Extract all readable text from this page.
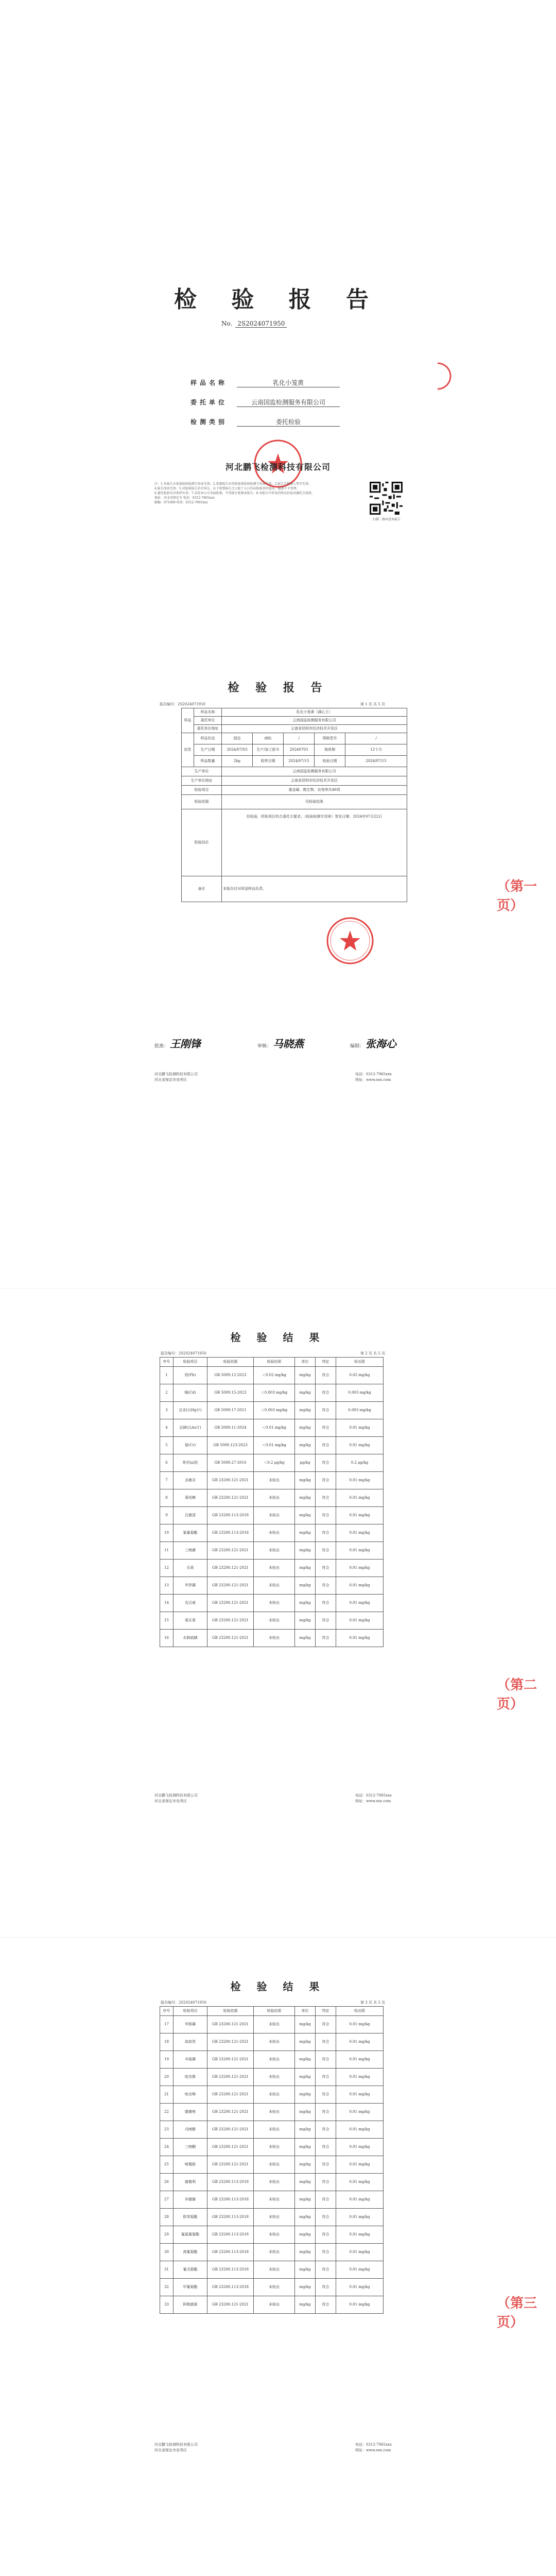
检 验 报 告
No. 2S2024071950
样品名称	乳化小笼黄
委托单位	云南国监检测服务有限公司
检测类别	委托检验
河北鹏飞检测科技有限公司
注：1.本报告未加盖检验检测专用章无效；2.复制报告未重新加盖检验检测专用章无效；3.报告无批准人签字无效；
4.报告涂改无效；5.对检验报告若有异议，应于收到报告之日起十五日内向检验单位提出，逾期不予受理；
6.委托检验仅对来样负责；7.未经本公司书面批准，不得部分复制本报告；8.本报告中涉及的样品信息由委托方提供。
地址：河北省保定市 电话：0312-7965xxx
邮编：071000 传真：0312-7965xxx
扫描二维码查询报告
检 验 报 告
报告编号：2S2024071950	第 1 页 共 5 页
样品	样品名称	乳化小笼黄（湖心王）				
	委托单位	云南国监检测服务有限公司				
	委托单位地址	云南省昆明市经济技术开发区				
信息	样品状态	固态	商标	/	规格型号	/
	生产日期	2024/07/03	生产/加工批号	20240703	保质期	12个月
	样品数量	2kg	收样日期	2024/07/15	检验日期	2024/07/15
生产单位		云南国监检测服务有限公司				
生产单位地址		云南省昆明市经济技术开发区				
检验项目		重金属、微生物、农残等共48项				
检验依据		见检验结果				
检验结论		经检验，所检项目符合委托方要求。（检验检测专用章）签发日期：2024年07月22日				
备注		本报告仅对所送样品负责。					（第一页）
批准： 王刚锋	审核： 马晓燕	编制： 张海心
河北鹏飞检测科技有限公司
河北省保定市竞秀区
电话：0312-7965xxx
网址：www.xxx.com
检 验 结 果
报告编号：2S2024071950	第 2 页 共 5 页
序号	检验项目	检验依据	检验结果	单位	判定	检出限
1	铅(Pb)	GB 5009.12-2023	＜0.02 mg/kg	mg/kg	符合	0.02 mg/kg
2	镉(Cd)	GB 5009.15-2023	＜0.003 mg/kg	mg/kg	符合	0.003 mg/kg
3	总汞(以Hg计)	GB 5009.17-2021	＜0.003 mg/kg	mg/kg	符合	0.003 mg/kg
4	总砷(以As计)	GB 5009.11-2024	＜0.01 mg/kg	mg/kg	符合	0.01 mg/kg
5	铬(Cr)	GB 5009.123-2023	＜0.01 mg/kg	mg/kg	符合	0.01 mg/kg
6	苯并[a]芘	GB 5009.27-2016	＜0.2 μg/kg	μg/kg	符合	0.2 μg/kg
7	多菌灵	GB 23200.121-2021	未检出	mg/kg	符合	0.01 mg/kg
8	毒死蜱	GB 23200.121-2021	未检出	mg/kg	符合	0.01 mg/kg
9	百菌清	GB 23200.113-2018	未检出	mg/kg	符合	0.01 mg/kg
10	氯氰菊酯	GB 23200.113-2018	未检出	mg/kg	符合	0.01 mg/kg
11	三唑磷	GB 23200.121-2021	未检出	mg/kg	符合	0.01 mg/kg
12	乐果	GB 23200.121-2021	未检出	mg/kg	符合	0.01 mg/kg
13	甲拌磷	GB 23200.121-2021	未检出	mg/kg	符合	0.01 mg/kg
14	克百威	GB 23200.121-2021	未检出	mg/kg	符合	0.01 mg/kg
15	氧乐果	GB 23200.121-2021	未检出	mg/kg	符合	0.01 mg/kg
16	水胺硫磷	GB 23200.121-2021	未检出	mg/kg	符合	0.01 mg/kg
（第二页）
河北鹏飞检测科技有限公司
河北省保定市竞秀区
电话：0312-7965xxx
网址：www.xxx.com
检 验 结 果
报告编号：2S2024071950	第 3 页 共 5 页
序号	检验项目	检验依据	检验结果	单位	判定	检出限
17	甲胺磷	GB 23200.121-2021	未检出	mg/kg	符合	0.01 mg/kg
18	敌敌畏	GB 23200.121-2021	未检出	mg/kg	符合	0.01 mg/kg
19	辛硫磷	GB 23200.121-2021	未检出	mg/kg	符合	0.01 mg/kg
20	啶虫脒	GB 23200.121-2021	未检出	mg/kg	符合	0.01 mg/kg
21	吡虫啉	GB 23200.121-2021	未检出	mg/kg	符合	0.01 mg/kg
22	腈菌唑	GB 23200.121-2021	未检出	mg/kg	符合	0.01 mg/kg
23	戊唑醇	GB 23200.121-2021	未检出	mg/kg	符合	0.01 mg/kg
24	三唑酮	GB 23200.121-2021	未检出	mg/kg	符合	0.01 mg/kg
25	嘧霉胺	GB 23200.121-2021	未检出	mg/kg	符合	0.01 mg/kg
26	腐霉利	GB 23200.113-2018	未检出	mg/kg	符合	0.01 mg/kg
27	异菌脲	GB 23200.113-2018	未检出	mg/kg	符合	0.01 mg/kg
28	联苯菊酯	GB 23200.113-2018	未检出	mg/kg	符合	0.01 mg/kg
29	氟氯氰菊酯	GB 23200.113-2018	未检出	mg/kg	符合	0.01 mg/kg
30	溴氰菊酯	GB 23200.113-2018	未检出	mg/kg	符合	0.01 mg/kg
31	氰戊菊酯	GB 23200.113-2018	未检出	mg/kg	符合	0.01 mg/kg
32	甲氰菊酯	GB 23200.113-2018	未检出	mg/kg	符合	0.01 mg/kg
33	阿维菌素	GB 23200.121-2021	未检出	mg/kg	符合	0.01 mg/kg	（第三页）
河北鹏飞检测科技有限公司
河北省保定市竞秀区
电话：0312-7965xxx
网址：www.xxx.com
